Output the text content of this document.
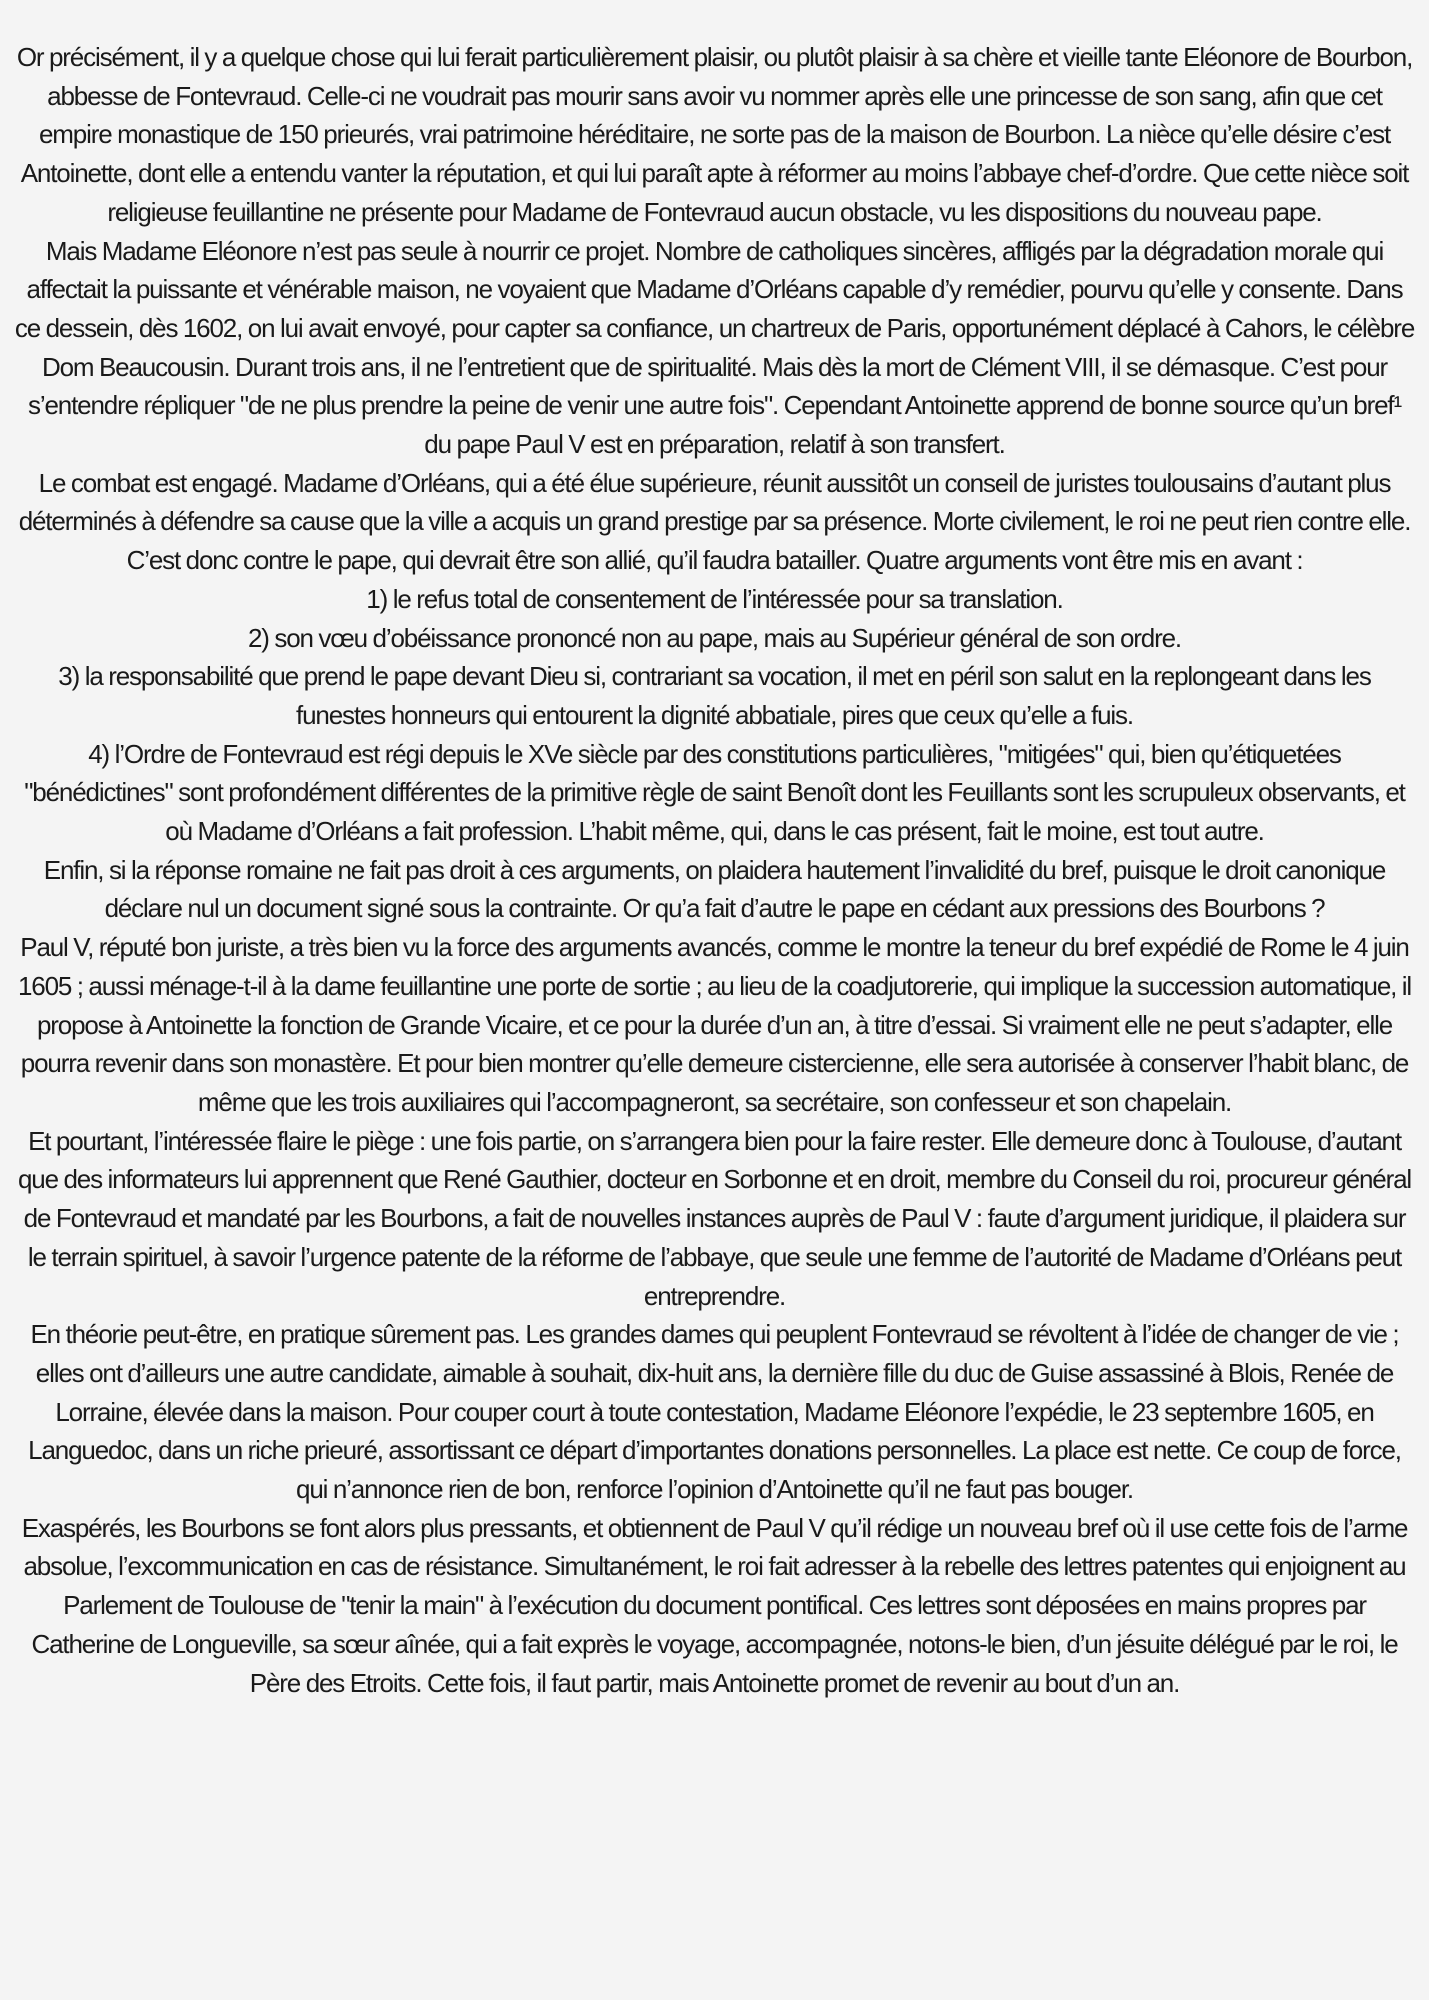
Or précisément, il y a quelque chose qui lui ferait particulièrement plaisir, ou plutôt plaisir à sa chère et vieille tante Eléonore de Bourbon, abbesse de Fontevraud. Celle-ci ne voudrait pas mourir sans avoir vu nommer après elle une princesse de son sang, afin que cet empire monastique de 150 prieurés, vrai patrimoine héréditaire, ne sorte pas de la maison de Bourbon. La nièce qu’elle désire c’est Antoinette, dont elle a entendu vanter la réputation, et qui lui paraît apte à réformer au moins l’abbaye chef-d’ordre. Que cette nièce soit religieuse feuillantine ne présente pour Madame de Fontevraud aucun obstacle, vu les dispositions du nouveau pape.

Mais Madame Eléonore n’est pas seule à nourrir ce projet. Nombre de catholiques sincères, affligés par la dégradation morale qui affectait la puissante et vénérable maison, ne voyaient que Madame d’Orléans capable d’y remédier, pourvu qu’elle y consente. Dans ce dessein, dès 1602, on lui avait envoyé, pour capter sa confiance, un chartreux de Paris, opportunément déplacé à Cahors, le célèbre Dom Beaucousin. Durant trois ans, il ne l’entretient que de spiritualité. Mais dès la mort de Clément VIII, il se démasque. C’est pour s’entendre répliquer "de ne plus prendre la peine de venir une autre fois". Cependant Antoinette apprend de bonne source qu’un bref¹ du pape Paul V est en préparation, relatif à son transfert.

Le combat est engagé. Madame d’Orléans, qui a été élue supérieure, réunit aussitôt un conseil de juristes toulousains d’autant plus déterminés à défendre sa cause que la ville a acquis un grand prestige par sa présence. Morte civilement, le roi ne peut rien contre elle. C’est donc contre le pape, qui devrait être son allié, qu’il faudra batailler. Quatre arguments vont être mis en avant :

1) le refus total de consentement de l’intéressée pour sa translation.

2) son vœu d’obéissance prononcé non au pape, mais au Supérieur général de son ordre.

3) la responsabilité que prend le pape devant Dieu si, contrariant sa vocation, il met en péril son salut en la replongeant dans les funestes honneurs qui entourent la dignité abbatiale, pires que ceux qu’elle a fuis.

4) l’Ordre de Fontevraud est régi depuis le XVe siècle par des constitutions particulières, "mitigées" qui, bien qu’étiquetées "bénédictines" sont profondément différentes de la primitive règle de saint Benoît dont les Feuillants sont les scrupuleux observants, et où Madame d’Orléans a fait profession. L’habit même, qui, dans le cas présent, fait le moine, est tout autre.

Enfin, si la réponse romaine ne fait pas droit à ces arguments, on plaidera hautement l’invalidité du bref, puisque le droit canonique déclare nul un document signé sous la contrainte. Or qu’a fait d’autre le pape en cédant aux pressions des Bourbons ?

Paul V, réputé bon juriste, a très bien vu la force des arguments avancés, comme le montre la teneur du bref expédié de Rome le 4 juin 1605 ; aussi ménage-t-il à la dame feuillantine une porte de sortie ; au lieu de la coadjutorerie, qui implique la succession automatique, il propose à Antoinette la fonction de Grande Vicaire, et ce pour la durée d’un an, à titre d’essai. Si vraiment elle ne peut s’adapter, elle pourra revenir dans son monastère. Et pour bien montrer qu’elle demeure cistercienne, elle sera autorisée à conserver l’habit blanc, de même que les trois auxiliaires qui l’accompagneront, sa secrétaire, son confesseur et son chapelain.

Et pourtant, l’intéressée flaire le piège : une fois partie, on s’arrangera bien pour la faire rester. Elle demeure donc à Toulouse, d’autant que des informateurs lui apprennent que René Gauthier, docteur en Sorbonne et en droit, membre du Conseil du roi, procureur général de Fontevraud et mandaté par les Bourbons, a fait de nouvelles instances auprès de Paul V : faute d’argument juridique, il plaidera sur le terrain spirituel, à savoir l’urgence patente de la réforme de l’abbaye, que seule une femme de l’autorité de Madame d’Orléans peut entreprendre.

En théorie peut-être, en pratique sûrement pas. Les grandes dames qui peuplent Fontevraud se révoltent à l’idée de changer de vie ; elles ont d’ailleurs une autre candidate, aimable à souhait, dix-huit ans, la dernière fille du duc de Guise assassiné à Blois, Renée de Lorraine, élevée dans la maison. Pour couper court à toute contestation, Madame Eléonore l’expédie, le 23 septembre 1605, en Languedoc, dans un riche prieuré, assortissant ce départ d’importantes donations personnelles. La place est nette. Ce coup de force, qui n’annonce rien de bon, renforce l’opinion d’Antoinette qu’il ne faut pas bouger.

Exaspérés, les Bourbons se font alors plus pressants, et obtiennent de Paul V qu’il rédige un nouveau bref où il use cette fois de l’arme absolue, l’excommunication en cas de résistance. Simultanément, le roi fait adresser à la rebelle des lettres patentes qui enjoignent au Parlement de Toulouse de "tenir la main" à l’exécution du document pontifical. Ces lettres sont déposées en mains propres par Catherine de Longueville, sa sœur aînée, qui a fait exprès le voyage, accompagnée, notons-le bien, d’un jésuite délégué par le roi, le Père des Etroits. Cette fois, il faut partir, mais Antoinette promet de revenir au bout d’un an.
